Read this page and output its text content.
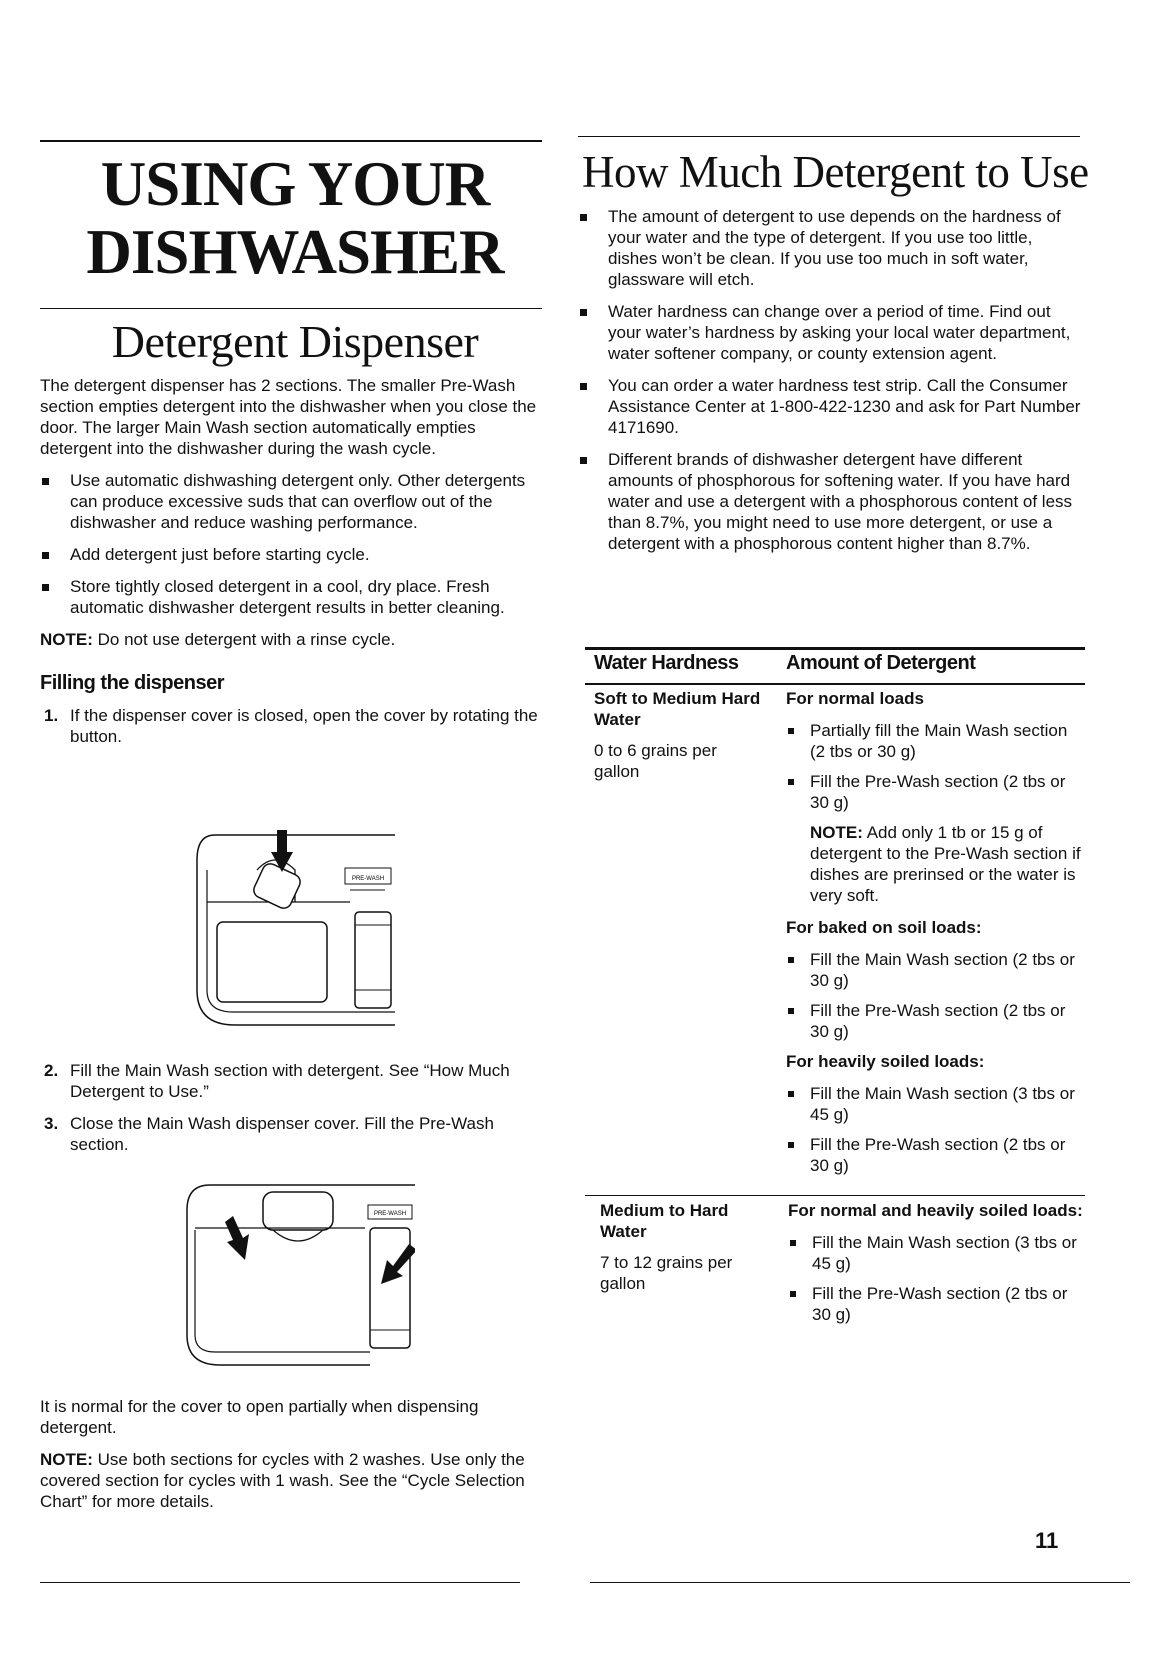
USING YOUR
DISHWASHER
Detergent Dispenser

The detergent dispenser has 2 sections. The smaller Pre-Wash section empties detergent into the dishwasher when you close the door. The larger Main Wash section automatically empties detergent into the dishwasher during the wash cycle.

Use automatic dishwashing detergent only. Other detergents can produce excessive suds that can overflow out of the dishwasher and reduce washing performance.
Add detergent just before starting cycle.
Store tightly closed detergent in a cool, dry place. Fresh automatic dishwasher detergent results in better cleaning.

NOTE: Do not use detergent with a rinse cycle.

Filling the dispenser
1. If the dispenser cover is closed, open the cover by rotating the button.
PRE-WASH
2. Fill the Main Wash section with detergent. See “How Much Detergent to Use.”
3. Close the Main Wash dispenser cover. Fill the Pre-Wash section.
PRE-WASH

It is normal for the cover to open partially when dispensing detergent.

NOTE: Use both sections for cycles with 2 washes. Use only the covered section for cycles with 1 wash. See the “Cycle Selection Chart” for more details.

How Much Detergent to Use
The amount of detergent to use depends on the hardness of your water and the type of detergent. If you use too little, dishes won’t be clean. If you use too much in soft water, glassware will etch.
Water hardness can change over a period of time. Find out your water’s hardness by asking your local water department, water softener company, or county extension agent.
You can order a water hardness test strip. Call the Consumer Assistance Center at 1-800-422-1230 and ask for Part Number 4171690.
Different brands of dishwasher detergent have different amounts of phosphorous for softening water. If you have hard water and use a detergent with a phosphorous content of less than 8.7%, you might need to use more detergent, or use a detergent with a phosphorous content higher than 8.7%.
Water Hardness Amount of Detergent
Soft to Medium Hard Water
0 to 6 grains per gallon
For normal loads
Partially fill the Main Wash section (2 tbs or 30 g)
Fill the Pre-Wash section (2 tbs or 30 g)

NOTE: Add only 1 tb or 15 g of detergent to the Pre-Wash section if dishes are prerinsed or the water is very soft.

For baked on soil loads:
Fill the Main Wash section (2 tbs or 30 g)
Fill the Pre-Wash section (2 tbs or 30 g)
For heavily soiled loads:
Fill the Main Wash section (3 tbs or 45 g)
Fill the Pre-Wash section (2 tbs or 30 g)
Medium to Hard Water
7 to 12 grains per gallon
For normal and heavily soiled loads:
Fill the Main Wash section (3 tbs or 45 g)
Fill the Pre-Wash section (2 tbs or 30 g)
11
